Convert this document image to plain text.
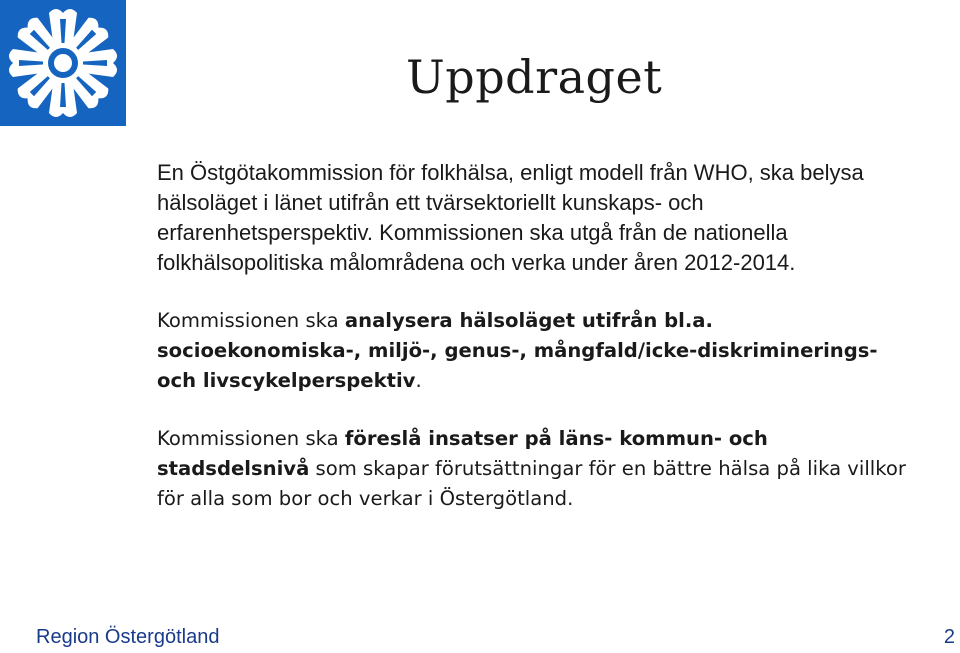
Uppdraget

En Östgötakommission för folkhälsa, enligt modell från WHO, ska belysa hälsoläget i länet utifrån ett tvärsektoriellt kunskaps- och erfarenhetsperspektiv. Kommissionen ska utgå från de nationella folkhälsopolitiska målområdena och verka under åren 2012-2014.

Kommissionen ska analysera hälsoläget utifrån bl.a. socioekonomiska-, miljö-, genus-, mångfald/icke-diskriminerings- och livscykelperspektiv.

Kommissionen ska föreslå insatser på läns- kommun- och stadsdelsnivå som skapar förutsättningar för en bättre hälsa på lika villkor för alla som bor och verkar i Östergötland.

Region Östergötland	2
